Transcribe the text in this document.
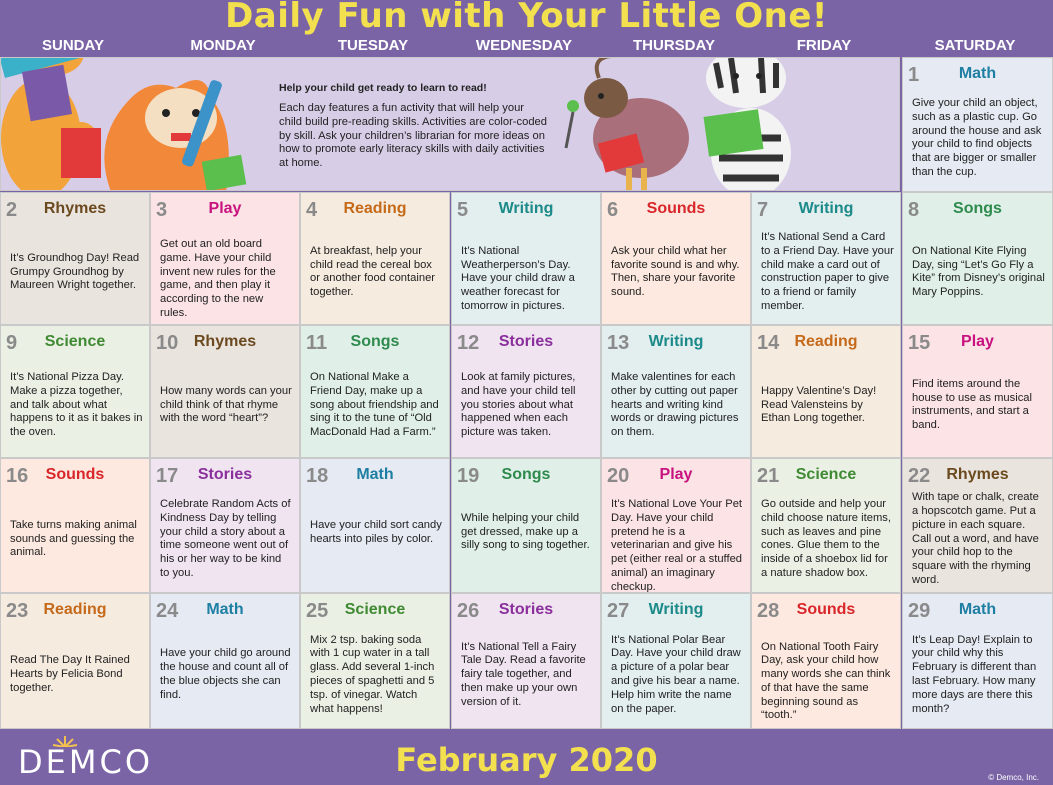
Daily Fun with Your Little One!
SUNDAY	MONDAY	TUESDAY	WEDNESDAY	THURSDAY	FRIDAY	SATURDAY
Help your child get ready to learn to read!
Each day features a fun activity that will help your child build pre-reading skills. Activities are color-coded by skill. Ask your children’s librarian for more ideas on how to promote early literacy skills with daily activities at home.
1	Math
Give your child an object, such as a plastic cup. Go around the house and ask your child to find objects that are bigger or smaller than the cup.
2	Rhymes
It’s Groundhog Day! Read Grumpy Groundhog by Maureen Wright together.
3	Play
Get out an old board game. Have your child invent new rules for the game, and then play it according to the new rules.
4	Reading
At breakfast, help your child read the cereal box or another food container together.
5	Writing
It’s National Weatherperson’s Day. Have your child draw a weather forecast for tomorrow in pictures.
6	Sounds
Ask your child what her favorite sound is and why. Then, share your favorite sound.
7	Writing
It’s National Send a Card to a Friend Day. Have your child make a card out of construction paper to give to a friend or family member.
8	Songs
On National Kite Flying Day, sing “Let’s Go Fly a Kite” from Disney’s original Mary Poppins.
9	Science
It’s National Pizza Day. Make a pizza together, and talk about what happens to it as it bakes in the oven.
10 Rhymes
How many words can your child think of that rhyme with the word “heart”?
11	Songs
On National Make a Friend Day, make up a song about friendship and sing it to the tune of “Old MacDonald Had a Farm.”
12	Stories
Look at family pictures, and have your child tell you stories about what happened when each picture was taken.
13	Writing
Make valentines for each other by cutting out paper hearts and writing kind words or drawing pictures on them.
14 Reading
Happy Valentine’s Day! Read Valensteins by Ethan Long together.
15	Play
Find items around the house to use as musical instruments, and start a band.
16	Sounds
Take turns making animal sounds and guessing the animal.
17	Stories
Celebrate Random Acts of Kindness Day by telling your child a story about a time someone went out of his or her way to be kind to you.
18	Math
Have your child sort candy hearts into piles by color.
19	Songs
While helping your child get dressed, make up a silly song to sing together.
20	Play
It’s National Love Your Pet Day. Have your child pretend he is a veterinarian and give his pet (either real or a stuffed animal) an imaginary checkup.
21	Science
Go outside and help your child choose nature items, such as leaves and pine cones. Glue them to the inside of a shoebox lid for a nature shadow box.
22	Rhymes
With tape or chalk, create a hopscotch game. Put a picture in each square. Call out a word, and have your child hop to the square with the rhyming word.
23 Reading
Read The Day It Rained Hearts by Felicia Bond together.
24	Math
Have your child go around the house and count all of the blue objects she can find.
25	Science
Mix 2 tsp. baking soda with 1 cup water in a tall glass. Add several 1-inch pieces of spaghetti and 5 tsp. of vinegar. Watch what happens!
26	Stories
It’s National Tell a Fairy Tale Day. Read a favorite fairy tale together, and then make up your own version of it.
27	Writing
It’s National Polar Bear Day. Have your child draw a picture of a polar bear and give his bear a name. Help him write the name on the paper.
28	Sounds
On National Tooth Fairy Day, ask your child how many words she can think of that have the same beginning sound as “tooth.”
29	Math
It’s Leap Day! Explain to your child why this February is different than last February. How many more days are there this month?
DEMCO	February 2020	© Demco, Inc.
